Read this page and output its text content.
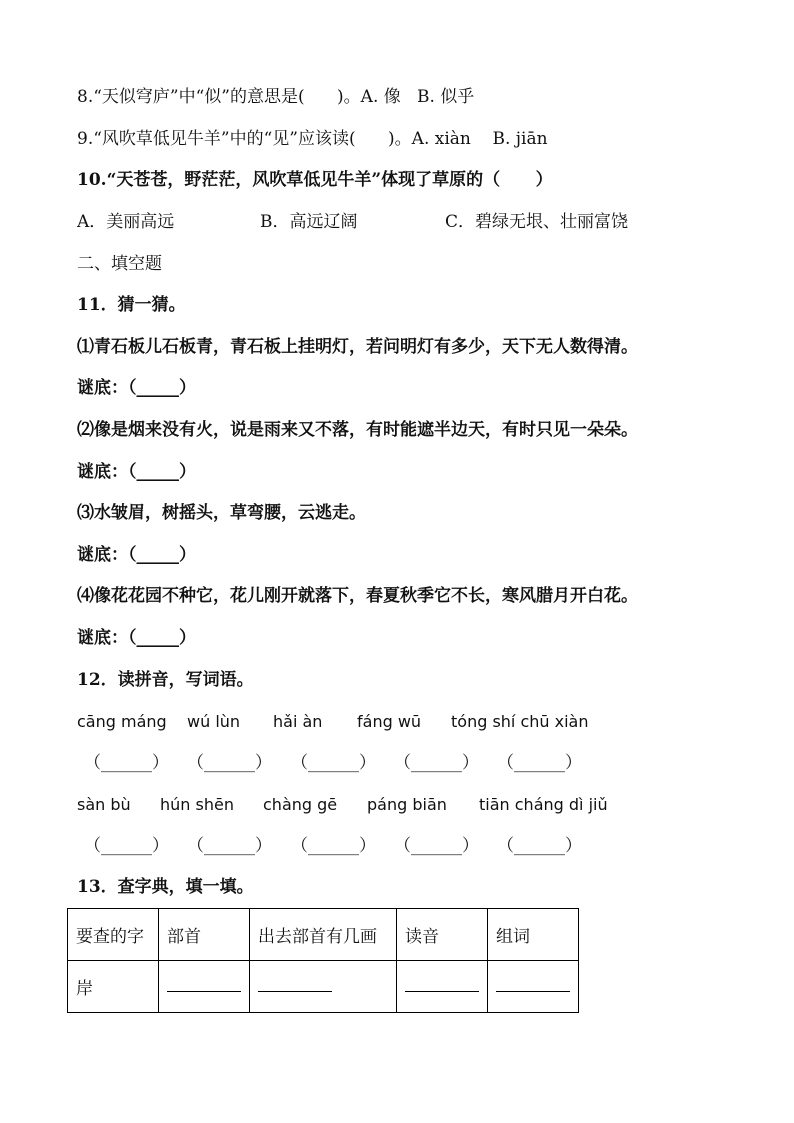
8.“天似穹庐”中“似”的意思是(      )。A. 像   B. 似乎
9.“风吹草低见牛羊”中的“见”应该读(      )。A. xiàn    B. jiān
10.“天苍苍，野茫茫，风吹草低见牛羊”体现了草原的（      ）
A．美丽高远	B．高远辽阔	C．碧绿无垠、壮丽富饶
二、填空题
11．猜一猜。
⑴青石板儿石板青，青石板上挂明灯，若问明灯有多少，天下无人数得清。
谜底：（_____）
⑵像是烟来没有火，说是雨来又不落，有时能遮半边天，有时只见一朵朵。
谜底：（_____）
⑶水皱眉，树摇头，草弯腰，云逃走。
谜底：（_____）
⑷像花花园不种它，花儿刚开就落下，春夏秋季它不长，寒风腊月开白花。
谜底：（_____）
12．读拼音，写词语。
cāng máng wú lùn hǎi àn fáng wū tóng shí chū xiàn
（______） （______） （______） （______） （______）
sàn bù hún shēn chàng gē páng biān tiān cháng dì jiǔ
（______） （______） （______） （______） （______）
13．查字典，填一填。
要查的字	部首	出去部首有几画	读音	组词
岸				
